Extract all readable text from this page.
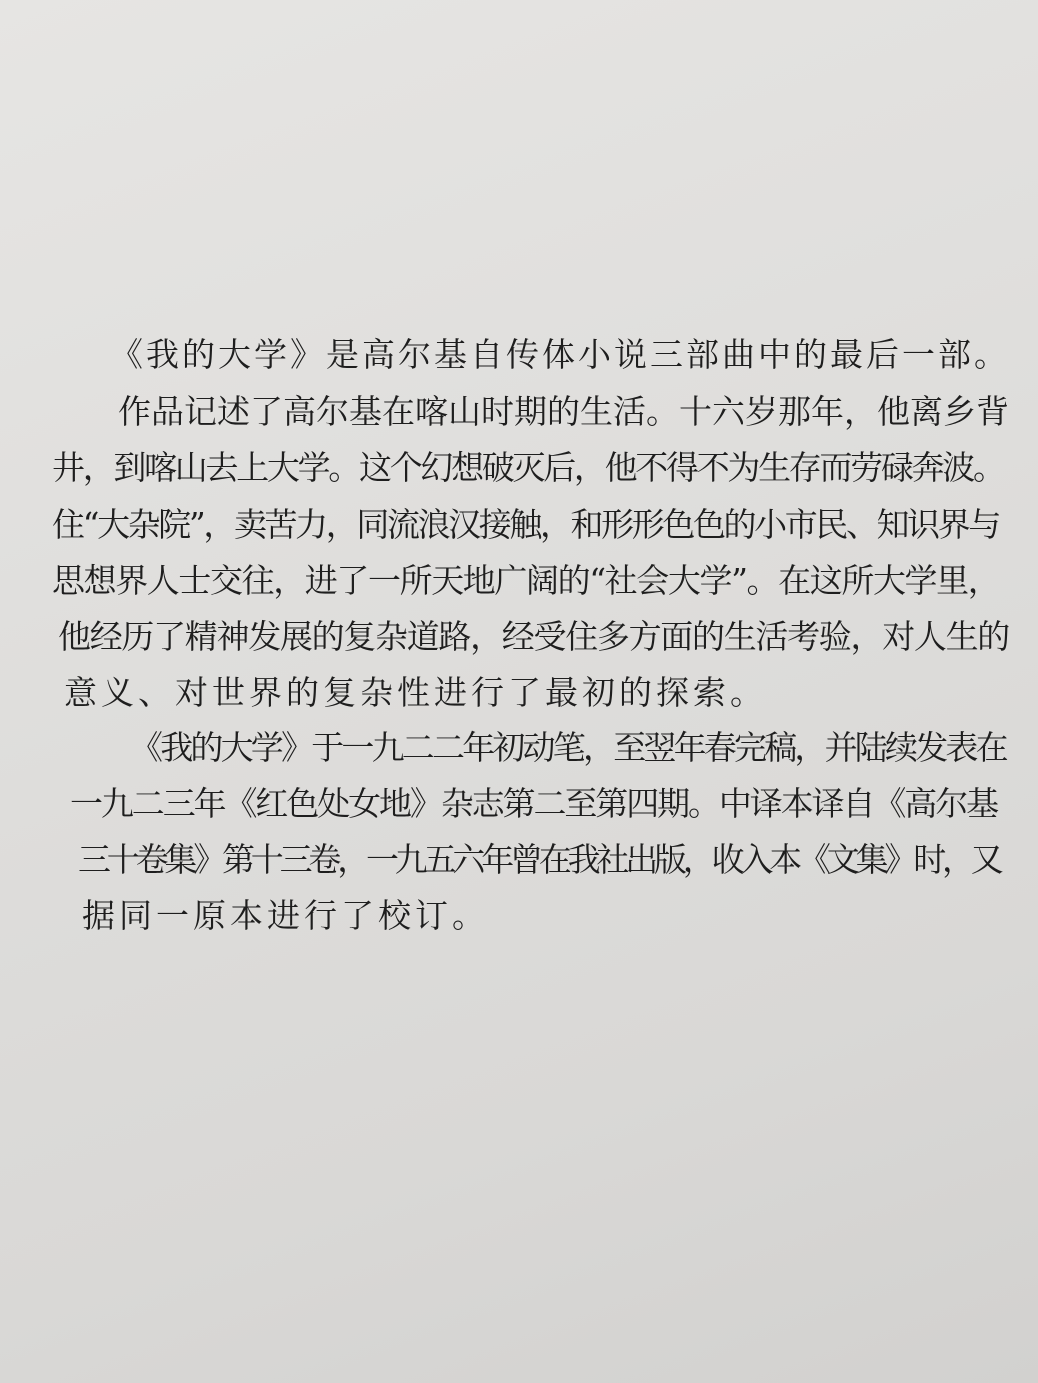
《我的大学》是高尔基自传体小说三部曲中的最后一部。
作品记述了高尔基在喀山时期的生活。十六岁那年，他离乡背
井，到喀山去上大学。这个幻想破灭后，他不得不为生存而劳碌奔波。
住“大杂院”，卖苦力，同流浪汉接触，和形形色色的小市民、知识界与
思想界人士交往，进了一所天地广阔的“社会大学”。在这所大学里，
他经历了精神发展的复杂道路，经受住多方面的生活考验，对人生的
意义、对世界的复杂性进行了最初的探索。
《我的大学》于一九二二年初动笔，至翌年春完稿，并陆续发表在
一九二三年《红色处女地》杂志第二至第四期。中译本译自《高尔基
三十卷集》第十三卷，一九五六年曾在我社出版，收入本《文集》时，又
据同一原本进行了校订。
